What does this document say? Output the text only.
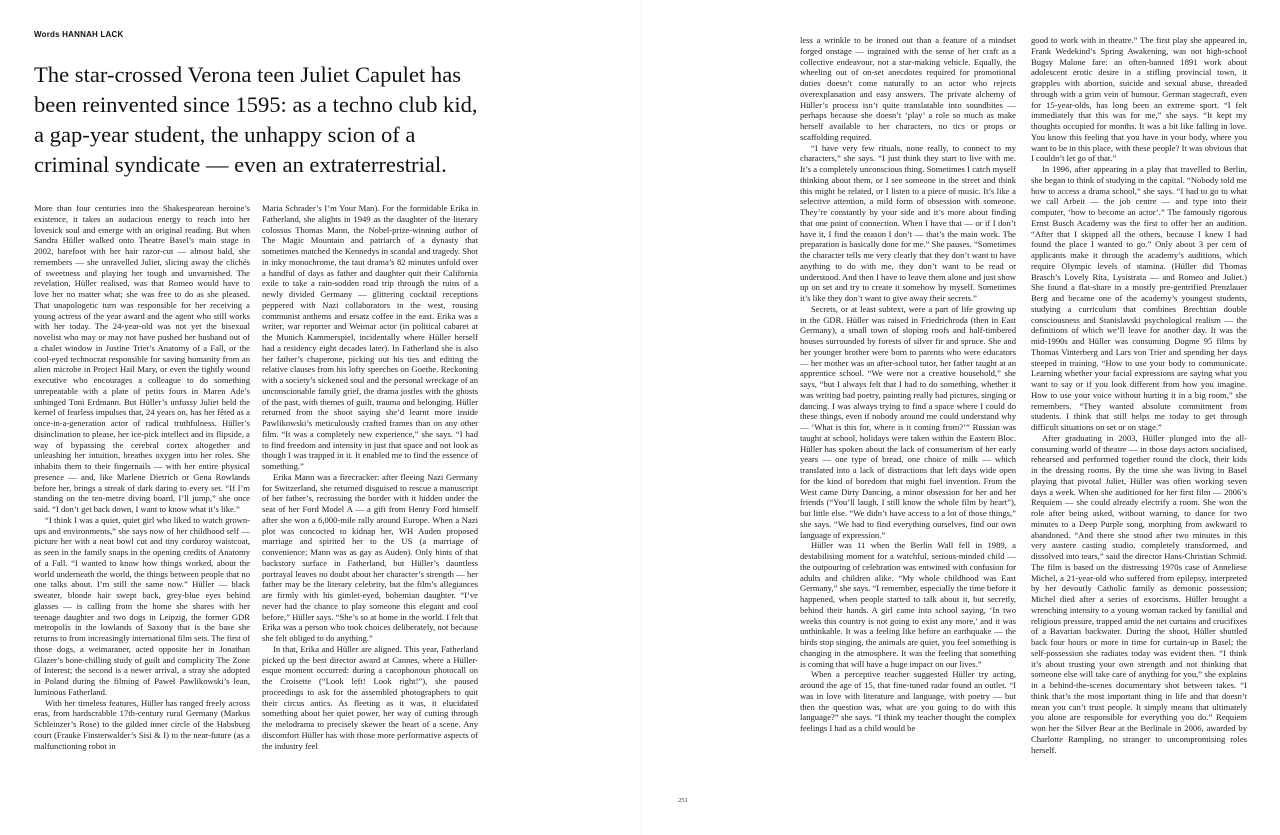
Words HANNAH LACK
The star-crossed Verona teen Juliet Capulet has been reinvented since 1595: as a techno club kid, a gap-year student, the unhappy scion of a criminal syndicate — even an extraterrestrial.

More than four centuries into the Shakespearean heroine’s existence, it takes an audacious energy to reach into her lovesick soul and emerge with an original reading. But when Sandra Hüller walked onto Theatre Basel’s main stage in 2002, barefoot with her hair razor-cut — almost bald, she remembers — she unravelled Juliet, slicing away the clichés of sweetness and playing her tough and unvarnished. The revelation, Hüller realised, was that Romeo would have to love her no matter what; she was free to do as she pleased. That unapologetic turn was responsible for her receiving a young actress of the year award and the agent who still works with her today. The 24-year-old was not yet the bisexual novelist who may or may not have pushed her husband out of a chalet window in Justine Triet’s Anatomy of a Fall, or the cool-eyed technocrat responsible for saving humanity from an alien microbe in Project Hail Mary, or even the tightly wound executive who encourages a colleague to do something unrepeatable with a plate of petits fours in Maren Ade’s unhinged Toni Erdmann. But Hüller’s unfussy Juliet held the kernel of fearless impulses that, 24 years on, has her fêted as a once-in-a-generation actor of radical truthfulness. Hüller’s disinclination to please, her ice-pick intellect and its flipside, a way of bypassing the cerebral cortex altogether and unleashing her intuition, breathes oxygen into her roles. She inhabits them to their fingernails — with her entire physical presence — and, like Marlene Dietrich or Gena Rowlands before her, brings a streak of dark daring to every set. “If I’m standing on the ten-metre diving board, I’ll jump,” she once said. “I don’t get back down, I want to know what it’s like.”

“I think I was a quiet, quiet girl who liked to watch grown-ups and environments,” she says now of her childhood self — picture her with a neat bowl cut and tiny corduroy waistcoat, as seen in the family snaps in the opening credits of Anatomy of a Fall. “I wanted to know how things worked, about the world underneath the world, the things between people that no one talks about. I’m still the same now.” Hüller — black sweater, blonde hair swept back, grey-blue eyes behind glasses — is calling from the home she shares with her teenage daughter and two dogs in Leipzig, the former GDR metropolis in the lowlands of Saxony that is the base she returns to from increasingly international film sets. The first of those dogs, a weimaraner, acted opposite her in Jonathan Glazer’s bone-chilling study of guilt and complicity The Zone of Interest; the second is a newer arrival, a stray she adopted in Poland during the filming of Paweł Pawlikowski’s lean, luminous Fatherland.

With her timeless features, Hüller has ranged freely across eras, from hardscrabble 17th-century rural Germany (Markus Schleinzer’s Rose) to the gilded inner circle of the Habsburg court (Frauke Finsterwalder’s Sisi & I) to the near-future (as a malfunctioning robot in

Maria Schrader’s I’m Your Man). For the formidable Erika in Fatherland, she alights in 1949 as the daughter of the literary colossus Thomas Mann, the Nobel-prize-winning author of The Magic Mountain and patriarch of a dynasty that sometimes matched the Kennedys in scandal and tragedy. Shot in inky monochrome, the taut drama’s 82 minutes unfold over a handful of days as father and daughter quit their California exile to take a rain-sodden road trip through the ruins of a newly divided Germany — glittering cocktail receptions peppered with Nazi collaborators in the west, rousing communist anthems and ersatz coffee in the east. Erika was a writer, war reporter and Weimar actor (in political cabaret at the Munich Kammerspiel, incidentally where Hüller herself had a residency eight decades later). In Fatherland she is also her father’s chaperone, picking out his ties and editing the relative clauses from his lofty speeches on Goethe. Reckoning with a society’s sickened soul and the personal wreckage of an unconscionable family grief, the drama jostles with the ghosts of the past, with themes of guilt, trauma and belonging. Hüller returned from the shoot saying she’d learnt more inside Pawlikowski’s meticulously crafted frames than on any other film. “It was a completely new experience,” she says. “I had to find freedom and intensity in just that space and not look as though I was trapped in it. It enabled me to find the essence of something.”

Erika Mann was a firecracker: after fleeing Nazi Germany for Switzerland, she returned disguised to rescue a manuscript of her father’s, recrossing the border with it hidden under the seat of her Ford Model A — a gift from Henry Ford himself after she won a 6,000-mile rally around Europe. When a Nazi plot was concocted to kidnap her, WH Auden proposed marriage and spirited her to the US (a marriage of convenience; Mann was as gay as Auden). Only hints of that backstory surface in Fatherland, but Hüller’s dauntless portrayal leaves no doubt about her character’s strength — her father may be the literary celebrity, but the film’s allegiances are firmly with his gimlet-eyed, bohemian daughter. “I’ve never had the chance to play someone this elegant and cool before,” Hüller says. “She’s so at home in the world. I felt that Erika was a person who took choices deliberately, not because she felt obliged to do anything.”

In that, Erika and Hüller are aligned. This year, Fatherland picked up the best director award at Cannes, where a Hüller-esque moment occurred: during a cacophonous photocall on the Croisette (“Look left! Look right!”), she paused proceedings to ask for the assembled photographers to quit their circus antics. As fleeting as it was, it elucidated something about her quiet power, her way of cutting through the melodrama to precisely skewer the heart of a scene. Any discomfort Hüller has with those more performative aspects of the industry feel

251

less a wrinkle to be ironed out than a feature of a mindset forged onstage — ingrained with the sense of her craft as a collective endeavour, not a star-making vehicle. Equally, the wheeling out of on-set anecdotes required for promotional duties doesn’t come naturally to an actor who rejects overexplanation and easy answers. The private alchemy of Hüller’s process isn’t quite translatable into soundbites — perhaps because she doesn’t ‘play’ a role so much as make herself available to her characters, no tics or props or scaffolding required.

“I have very few rituals, none really, to connect to my characters,” she says. “I just think they start to live with me. It’s a completely unconscious thing. Sometimes I catch myself thinking about them, or I see someone in the street and think this might be related, or I listen to a piece of music. It’s like a selective attention, a mild form of obsession with someone. They’re constantly by your side and it’s more about finding that one point of connection. When I have that — or if I don’t have it, I find the reason I don’t — that’s the main work. The preparation is basically done for me.” She pauses. “Sometimes the character tells me very clearly that they don’t want to have anything to do with me, they don’t want to be read or understood. And then I have to leave them alone and just show up on set and try to create it somehow by myself. Sometimes it’s like they don’t want to give away their secrets.”

Secrets, or at least subtext, were a part of life growing up in the GDR. Hüller was raised in Friedrichroda (then in East Germany), a small town of sloping roofs and half-timbered houses surrounded by forests of silver fir and spruce. She and her younger brother were born to parents who were educators — her mother was an after-school tutor, her father taught at an apprentice school. “We were not a creative household,” she says, “but I always felt that I had to do something, whether it was writing bad poetry, painting really bad pictures, singing or dancing. I was always trying to find a space where I could do these things, even if nobody around me could understand why — ‘What is this for, where is it coming from?’” Russian was taught at school, holidays were taken within the Eastern Bloc. Hüller has spoken about the lack of consumerism of her early years — one type of bread, one choice of milk — which translated into a lack of distractions that left days wide open for the kind of boredom that might fuel invention. From the West came Dirty Dancing, a minor obsession for her and her friends (“You’ll laugh, I still know the whole film by heart”), but little else. “We didn’t have access to a lot of those things,” she says. “We had to find everything ourselves, find our own language of expression.”

Hüller was 11 when the Berlin Wall fell in 1989, a destabilising moment for a watchful, serious-minded child — the outpouring of celebration was entwined with confusion for adults and children alike. “My whole childhood was East Germany,” she says. “I remember, especially the time before it happened, when people started to talk about it, but secretly, behind their hands. A girl came into school saying, ‘In two weeks this country is not going to exist any more,’ and it was unthinkable. It was a feeling like before an earthquake — the birds stop singing, the animals are quiet, you feel something is changing in the atmosphere. It was the feeling that something is coming that will have a huge impact on our lives.”

When a perceptive teacher suggested Hüller try acting, around the age of 15, that fine-tuned radar found an outlet. “I was in love with literature and language, with poetry — but then the question was, what are you going to do with this language?” she says. “I think my teacher thought the complex feelings I had as a child would be

good to work with in theatre.” The first play she appeared in, Frank Wedekind’s Spring Awakening, was not high-school Bugsy Malone fare: an often-banned 1891 work about adolescent erotic desire in a stifling provincial town, it grapples with abortion, suicide and sexual abuse, threaded through with a grim vein of humour. German stagecraft, even for 15-year-olds, has long been an extreme sport. “I felt immediately that this was for me,” she says. “It kept my thoughts occupied for months. It was a bit like falling in love. You know this feeling that you have in your body, where you want to be in this place, with these people? It was obvious that I couldn’t let go of that.”

In 1996, after appearing in a play that travelled to Berlin, she began to think of studying in the capital. “Nobody told me how to access a drama school,” she says. “I had to go to what we call Arbeit — the job centre — and type into their computer, ‘how to become an actor’.” The famously rigorous Ernst Busch Academy was the first to offer her an audition. “After that I skipped all the others, because I knew I had found the place I wanted to go.” Only about 3 per cent of applicants make it through the academy’s auditions, which require Olympic levels of stamina. (Hüller did Thomas Brasch’s Lovely Rita, Lysistrata — and Romeo and Juliet.) She found a flat-share in a mostly pre-gentrified Prenzlauer Berg and became one of the academy’s youngest students, studying a curriculum that combines Brechtian double consciousness and Stanislavski psychological realism — the definitions of which we’ll leave for another day. It was the mid-1990s and Hüller was consuming Dogme 95 films by Thomas Vinterberg and Lars von Trier and spending her days steeped in training. “How to use your body to communicate. Learning whether your facial expressions are saying what you want to say or if you look different from how you imagine. How to use your voice without hurting it in a big room,” she remembers. “They wanted absolute commitment from students. I think that still helps me today to get through difficult situations on set or on stage.”

After graduating in 2003, Hüller plunged into the all-consuming world of theatre — in those days actors socialised, rehearsed and performed together round the clock, their kids in the dressing rooms. By the time she was living in Basel playing that pivotal Juliet, Hüller was often working seven days a week. When she auditioned for her first film — 2006’s Requiem — she could already electrify a room. She won the role after being asked, without warning, to dance for two minutes to a Deep Purple song, morphing from awkward to abandoned. “And there she stood after two minutes in this very austere casting studio, completely transformed, and dissolved into tears,” said the director Hans-Christian Schmid. The film is based on the distressing 1970s case of Anneliese Michel, a 21-year-old who suffered from epilepsy, interpreted by her devoutly Catholic family as demonic possession; Michel died after a series of exorcisms. Hüller brought a wrenching intensity to a young woman racked by familial and religious pressure, trapped amid the net curtains and crucifixes of a Bavarian backwater. During the shoot, Hüller shuttled back four hours or more in time for curtain-up in Basel; the self-possession she radiates today was evident then. “I think it’s about trusting your own strength and not thinking that someone else will take care of anything for you,” she explains in a behind-the-scenes documentary shot between takes. “I think that’s the most important thing in life and that doesn’t mean you can’t trust people. It simply means that ultimately you alone are responsible for everything you do.” Requiem won her the Silver Bear at the Berlinale in 2006, awarded by Charlotte Rampling, no stranger to uncompromising roles herself.
